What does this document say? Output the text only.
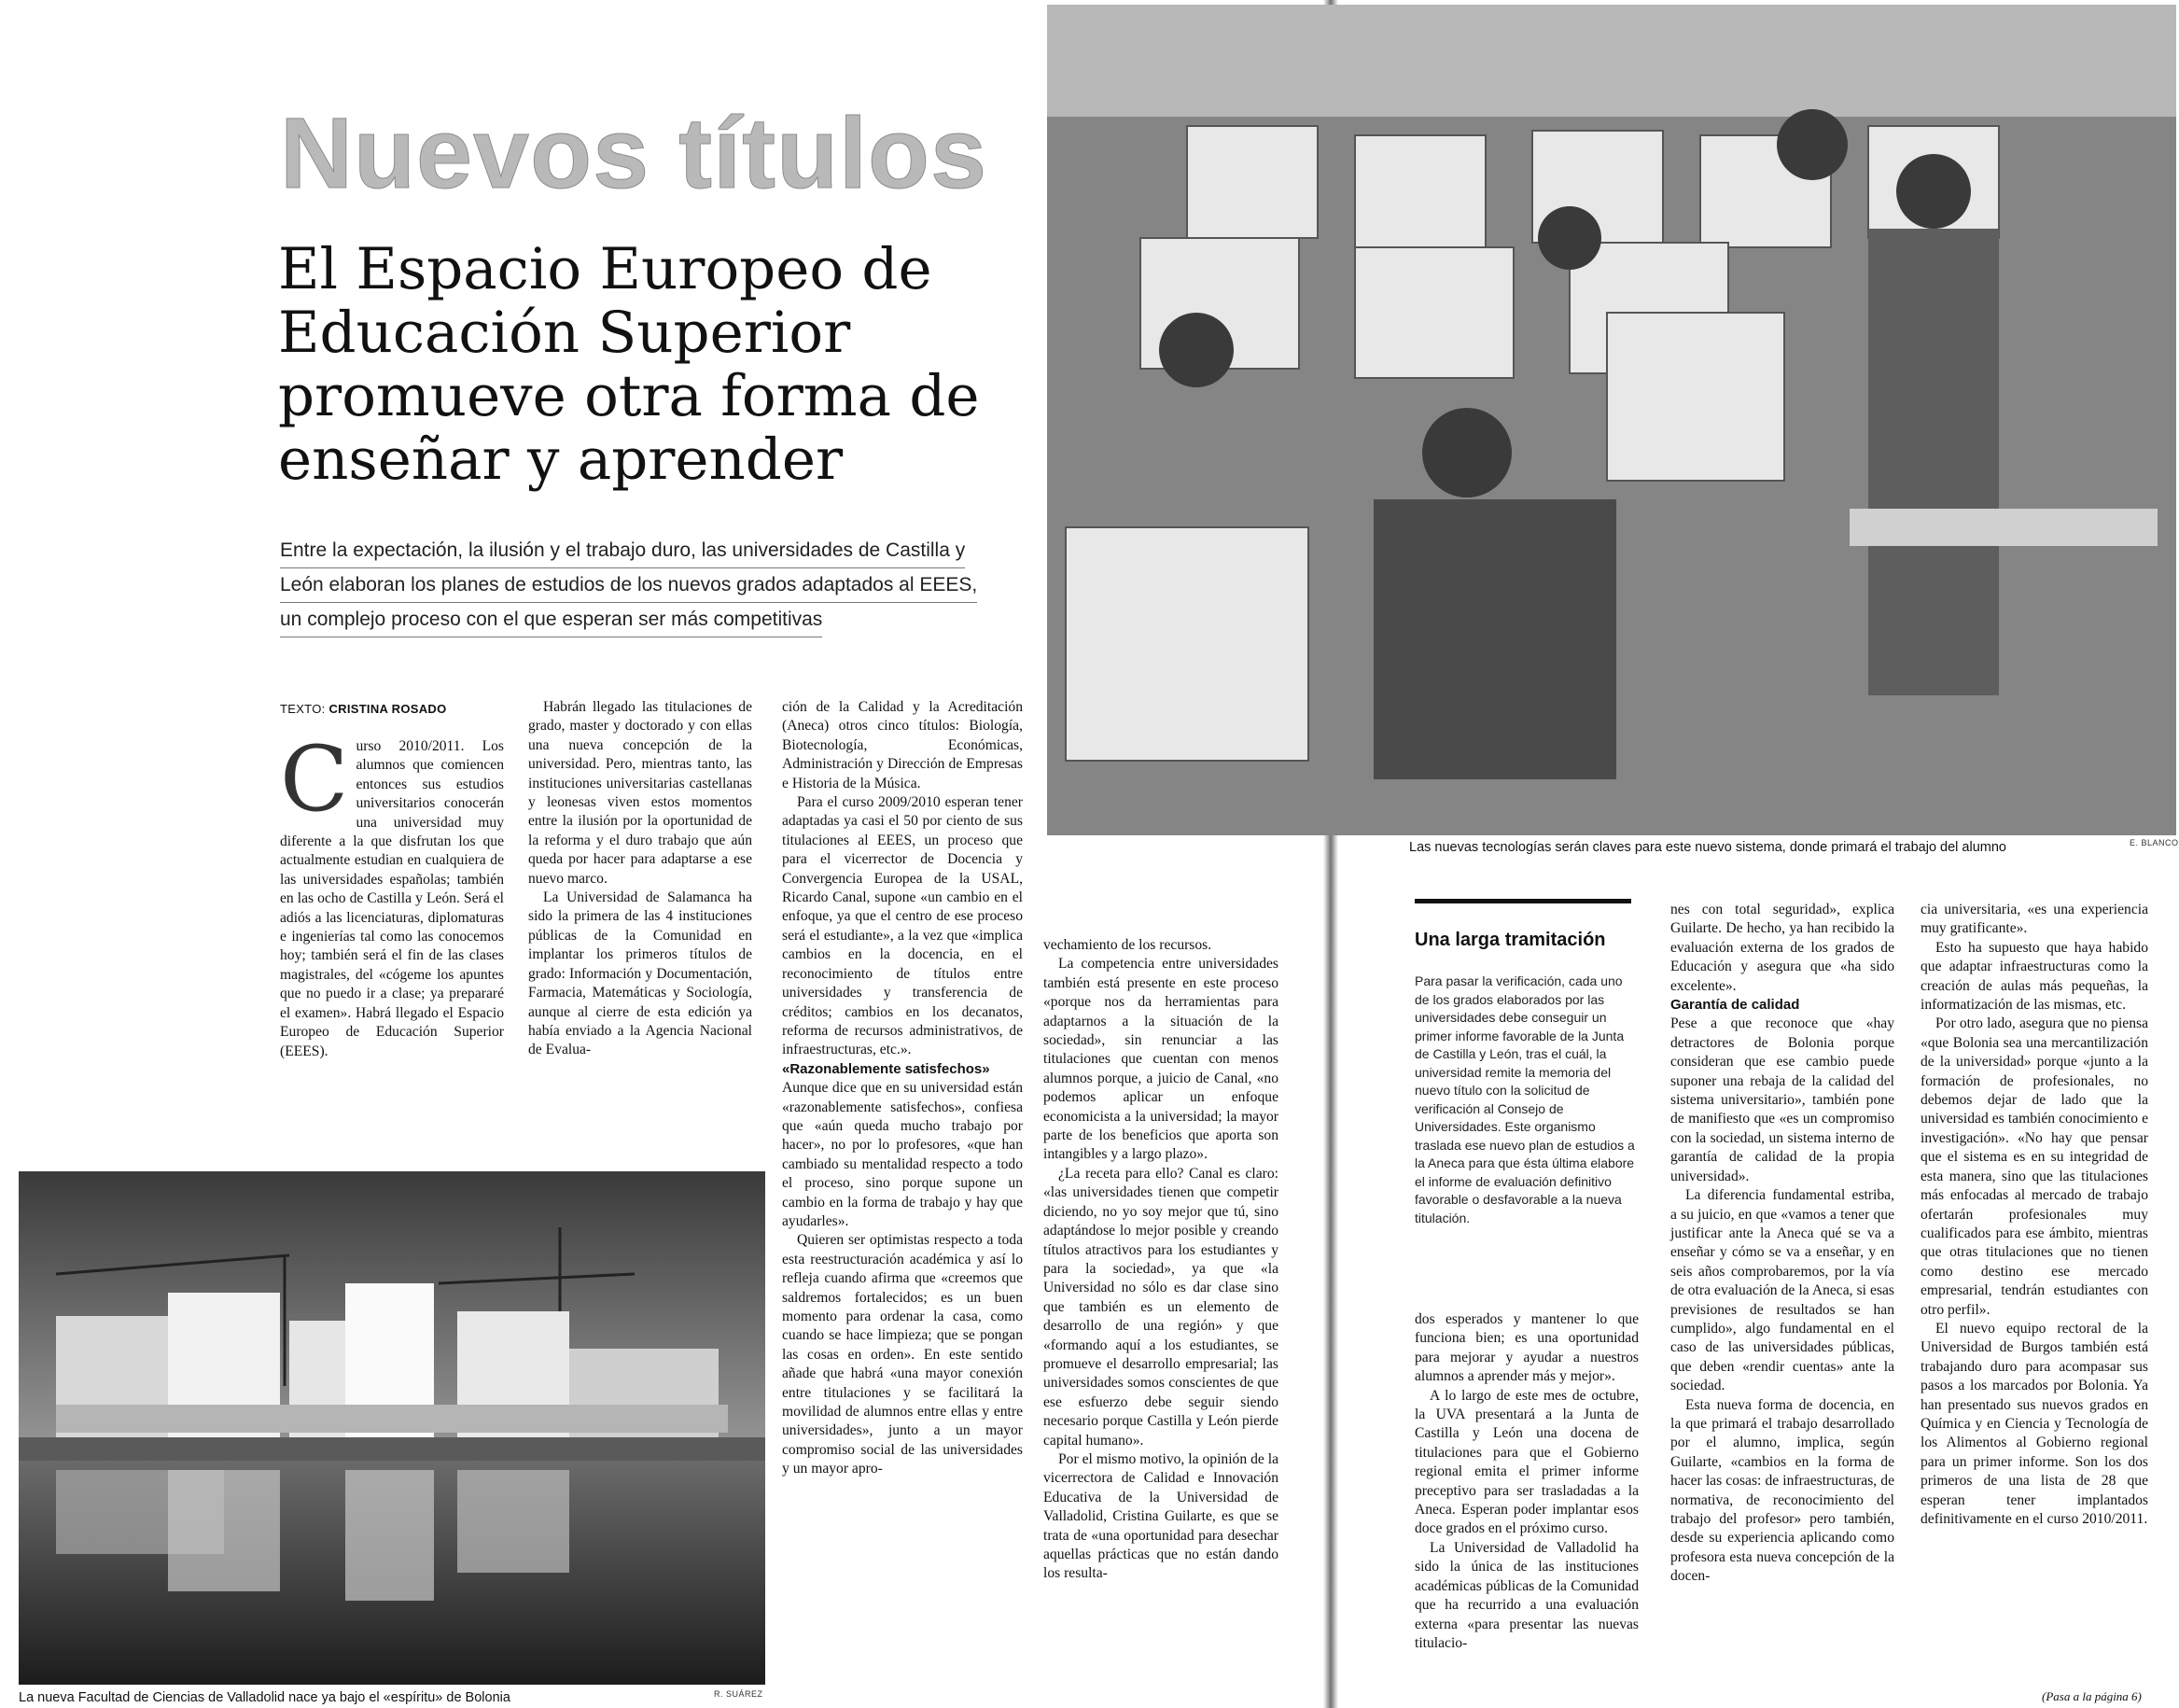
Nuevos títulos
El Espacio Europeo de
Educación Superior
promueve otra forma de
enseñar y aprender
Entre la expectación, la ilusión y el trabajo duro, las universidades de Castilla y
León elaboran los planes de estudios de los nuevos grados adaptados al EEES,
un complejo proceso con el que esperan ser más competitivas
TEXTO: CRISTINA ROSADO
C urso 2010/2011. Los alumnos que comiencen entonces sus estudios universitarios conocerán una universidad muy diferente a la que disfrutan los que actualmente estudian en cualquiera de las universidades españolas; también en las ocho de Castilla y León. Será el adiós a las licenciaturas, diplomaturas e ingenierías tal como las conocemos hoy; también será el fin de las clases magistrales, del «cógeme los apuntes que no puedo ir a clase; ya prepararé el examen». Habrá llegado el Espacio Europeo de Educación Superior (EEES).

Habrán llegado las titulaciones de grado, master y doctorado y con ellas una nueva concepción de la universidad. Pero, mientras tanto, las instituciones universitarias castellanas y leonesas viven estos momentos entre la ilusión por la oportunidad de la reforma y el duro trabajo que aún queda por hacer para adaptarse a ese nuevo marco.

La Universidad de Salamanca ha sido la primera de las 4 instituciones públicas de la Comunidad en implantar los primeros títulos de grado: Información y Documentación, Farmacia, Matemáticas y Sociología, aunque al cierre de esta edición ya había enviado a la Agencia Nacional de Evalua-

ción de la Calidad y la Acreditación (Aneca) otros cinco títulos: Biología, Biotecnología, Económicas, Administración y Dirección de Empresas e Historia de la Música.

Para el curso 2009/2010 esperan tener adaptadas ya casi el 50 por ciento de sus titulaciones al EEES, un proceso que para el vicerrector de Docencia y Convergencia Europea de la USAL, Ricardo Canal, supone «un cambio en el enfoque, ya que el centro de ese proceso será el estudiante», a la vez que «implica cambios en la docencia, en el reconocimiento de títulos entre universidades y transferencia de créditos; cambios en los decanatos, reforma de recursos administrativos, de infraestructuras, etc.».

«Razonablemente satisfechos»

Aunque dice que en su universidad están «razonablemente satisfechos», confiesa que «aún queda mucho trabajo por hacer», no por lo profesores, «que han cambiado su mentalidad respecto a todo el proceso, sino porque supone un cambio en la forma de trabajo y hay que ayudarles».

Quieren ser optimistas respecto a toda esta reestructuración académica y así lo refleja cuando afirma que «creemos que saldremos fortalecidos; es un buen momento para ordenar la casa, como cuando se hace limpieza; que se pongan las cosas en orden». En este sentido añade que habrá «una mayor conexión entre titulaciones y se facilitará la movilidad de alumnos entre ellas y entre universidades», junto a un mayor compromiso social de las universidades y un mayor apro-

vechamiento de los recursos.

La competencia entre universidades también está presente en este proceso «porque nos da herramientas para adaptarnos a la situación de la sociedad», sin renunciar a las titulaciones que cuentan con menos alumnos porque, a juicio de Canal, «no podemos aplicar un enfoque economicista a la universidad; la mayor parte de los beneficios que aporta son intangibles y a largo plazo».

¿La receta para ello? Canal es claro: «las universidades tienen que competir diciendo, no yo soy mejor que tú, sino adaptándose lo mejor posible y creando títulos atractivos para los estudiantes y para la sociedad», ya que «la Universidad no sólo es dar clase sino que también es un elemento de desarrollo de una región» y que «formando aquí a los estudiantes, se promueve el desarrollo empresarial; las universidades somos conscientes de que ese esfuerzo debe seguir siendo necesario porque Castilla y León pierde capital humano».

Por el mismo motivo, la opinión de la vicerrectora de Calidad e Innovación Educativa de la Universidad de Valladolid, Cristina Guilarte, es que se trata de «una oportunidad para desechar aquellas prácticas que no están dando los resulta-

La nueva Facultad de Ciencias de Valladolid nace ya bajo el «espíritu» de Bolonia	R. SUÁREZ
Las nuevas tecnologías serán claves para este nuevo sistema, donde primará el trabajo del alumno	E. BLANCO
Una larga tramitación
Para pasar la verificación, cada uno de los grados elaborados por las universidades debe conseguir un primer informe favorable de la Junta de Castilla y León, tras el cuál, la universidad remite la memoria del nuevo título con la solicitud de verificación al Consejo de Universidades. Este organismo traslada ese nuevo plan de estudios a la Aneca para que ésta última elabore el informe de evaluación definitivo favorable o desfavorable a la nueva titulación.

dos esperados y mantener lo que funciona bien; es una oportunidad para mejorar y ayudar a nuestros alumnos a aprender más y mejor».

A lo largo de este mes de octubre, la UVA presentará a la Junta de Castilla y León una docena de titulaciones para que el Gobierno regional emita el primer informe preceptivo para ser trasladadas a la Aneca. Esperan poder implantar esos doce grados en el próximo curso.

La Universidad de Valladolid ha sido la única de las instituciones académicas públicas de la Comunidad que ha recurrido a una evaluación externa «para presentar las nuevas titulacio-

nes con total seguridad», explica Guilarte. De hecho, ya han recibido la evaluación externa de los grados de Educación y asegura que «ha sido excelente».

Garantía de calidad

Pese a que reconoce que «hay detractores de Bolonia porque consideran que ese cambio puede suponer una rebaja de la calidad del sistema universitario», también pone de manifiesto que «es un compromiso con la sociedad, un sistema interno de garantía de calidad de la propia universidad».

La diferencia fundamental estriba, a su juicio, en que «vamos a tener que justificar ante la Aneca qué se va a enseñar y cómo se va a enseñar, y en seis años comprobaremos, por la vía de otra evaluación de la Aneca, si esas previsiones de resultados se han cumplido», algo fundamental en el caso de las universidades públicas, que deben «rendir cuentas» ante la sociedad.

Esta nueva forma de docencia, en la que primará el trabajo desarrollado por el alumno, implica, según Guilarte, «cambios en la forma de hacer las cosas: de infraestructuras, de normativa, de reconocimiento del trabajo del profesor» pero también, desde su experiencia aplicando como profesora esta nueva concepción de la docen-

cia universitaria, «es una experiencia muy gratificante».

Esto ha supuesto que haya habido que adaptar infraestructuras como la creación de aulas más pequeñas, la informatización de las mismas, etc.

Por otro lado, asegura que no piensa «que Bolonia sea una mercantilización de la universidad» porque «junto a la formación de profesionales, no debemos dejar de lado que la universidad es también conocimiento e investigación». «No hay que pensar que el sistema es en su integridad de esta manera, sino que las titulaciones más enfocadas al mercado de trabajo ofertarán profesionales muy cualificados para ese ámbito, mientras que otras titulaciones que no tienen como destino ese mercado empresarial, tendrán estudiantes con otro perfil».

El nuevo equipo rectoral de la Universidad de Burgos también está trabajando duro para acompasar sus pasos a los marcados por Bolonia. Ya han presentado sus nuevos grados en Química y en Ciencia y Tecnología de los Alimentos al Gobierno regional para un primer informe. Son los dos primeros de una lista de 28 que esperan tener implantados definitivamente en el curso 2010/2011.

(Pasa a la página 6)
